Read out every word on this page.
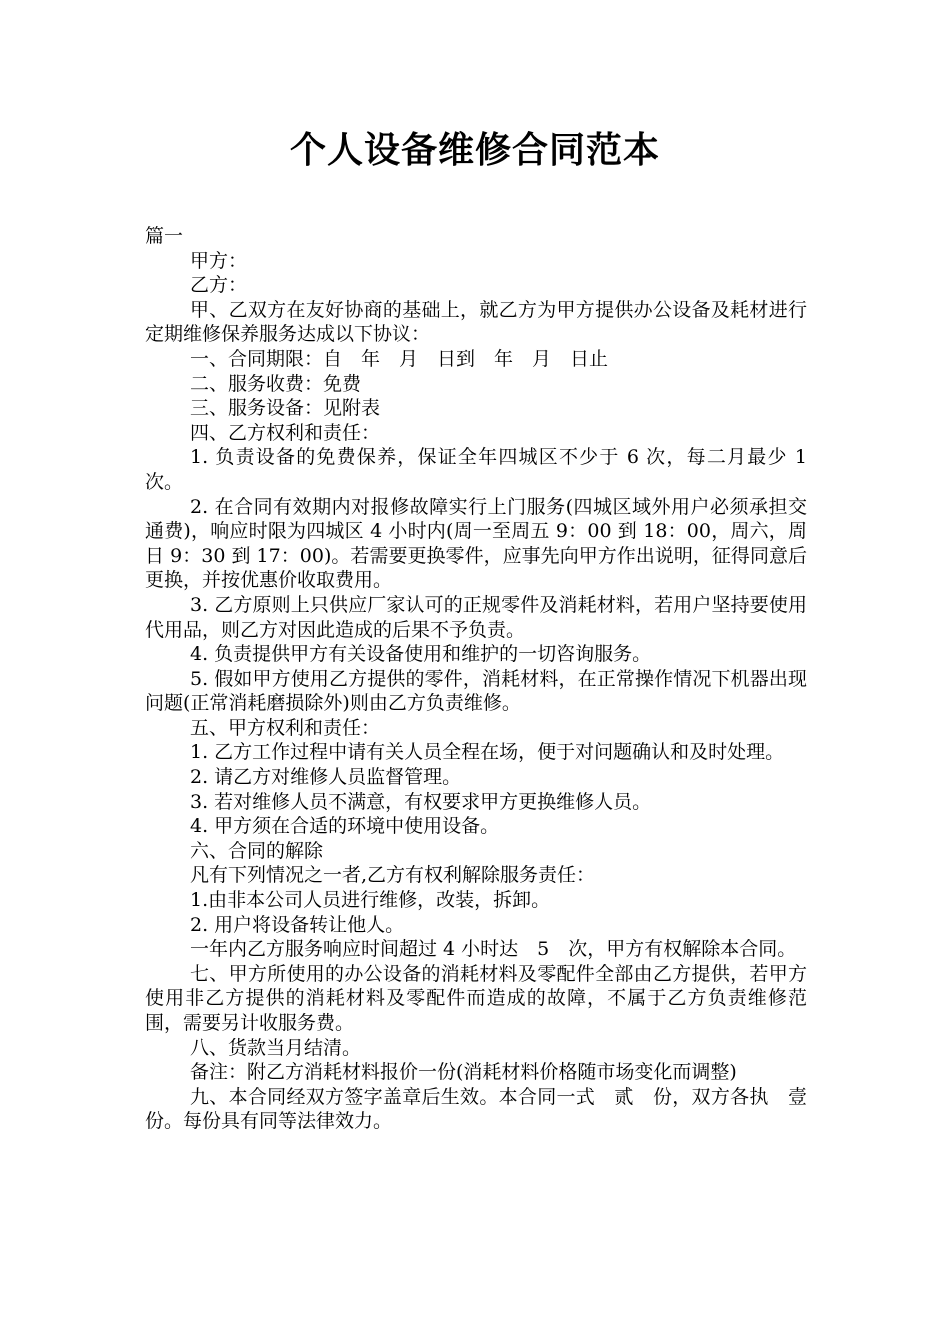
个人设备维修合同范本

篇一

甲方：

乙方：

甲、乙双方在友好协商的基础上，就乙方为甲方提供办公设备及耗材进行定期维修保养服务达成以下协议：

一、合同期限：自　年　月　日到　年　月　日止

二、服务收费：免费

三、服务设备：见附表

四、乙方权利和责任：

1. 负责设备的免费保养，保证全年四城区不少于 6 次，每二月最少 1 次。

2. 在合同有效期内对报修故障实行上门服务(四城区域外用户必须承担交通费)，响应时限为四城区 4 小时内(周一至周五 9：00 到 18：00，周六，周日 9：30 到 17：00)。若需要更换零件，应事先向甲方作出说明，征得同意后更换，并按优惠价收取费用。

3. 乙方原则上只供应厂家认可的正规零件及消耗材料，若用户坚持要使用代用品，则乙方对因此造成的后果不予负责。

4. 负责提供甲方有关设备使用和维护的一切咨询服务。

5. 假如甲方使用乙方提供的零件，消耗材料，在正常操作情况下机器出现问题(正常消耗磨损除外)则由乙方负责维修。

五、甲方权利和责任：

1. 乙方工作过程中请有关人员全程在场，便于对问题确认和及时处理。

2. 请乙方对维修人员监督管理。

3. 若对维修人员不满意，有权要求甲方更换维修人员。

4. 甲方须在合适的环境中使用设备。

六、合同的解除

凡有下列情况之一者,乙方有权利解除服务责任：

1.由非本公司人员进行维修，改装，拆卸。

2. 用户将设备转让他人。

一年内乙方服务响应时间超过 4 小时达　5　次，甲方有权解除本合同。

七、甲方所使用的办公设备的消耗材料及零配件全部由乙方提供，若甲方使用非乙方提供的消耗材料及零配件而造成的故障，不属于乙方负责维修范围，需要另计收服务费。

八、货款当月结清。

备注：附乙方消耗材料报价一份(消耗材料价格随市场变化而调整)

九、本合同经双方签字盖章后生效。本合同一式　贰　份，双方各执　壹　份。每份具有同等法律效力。
